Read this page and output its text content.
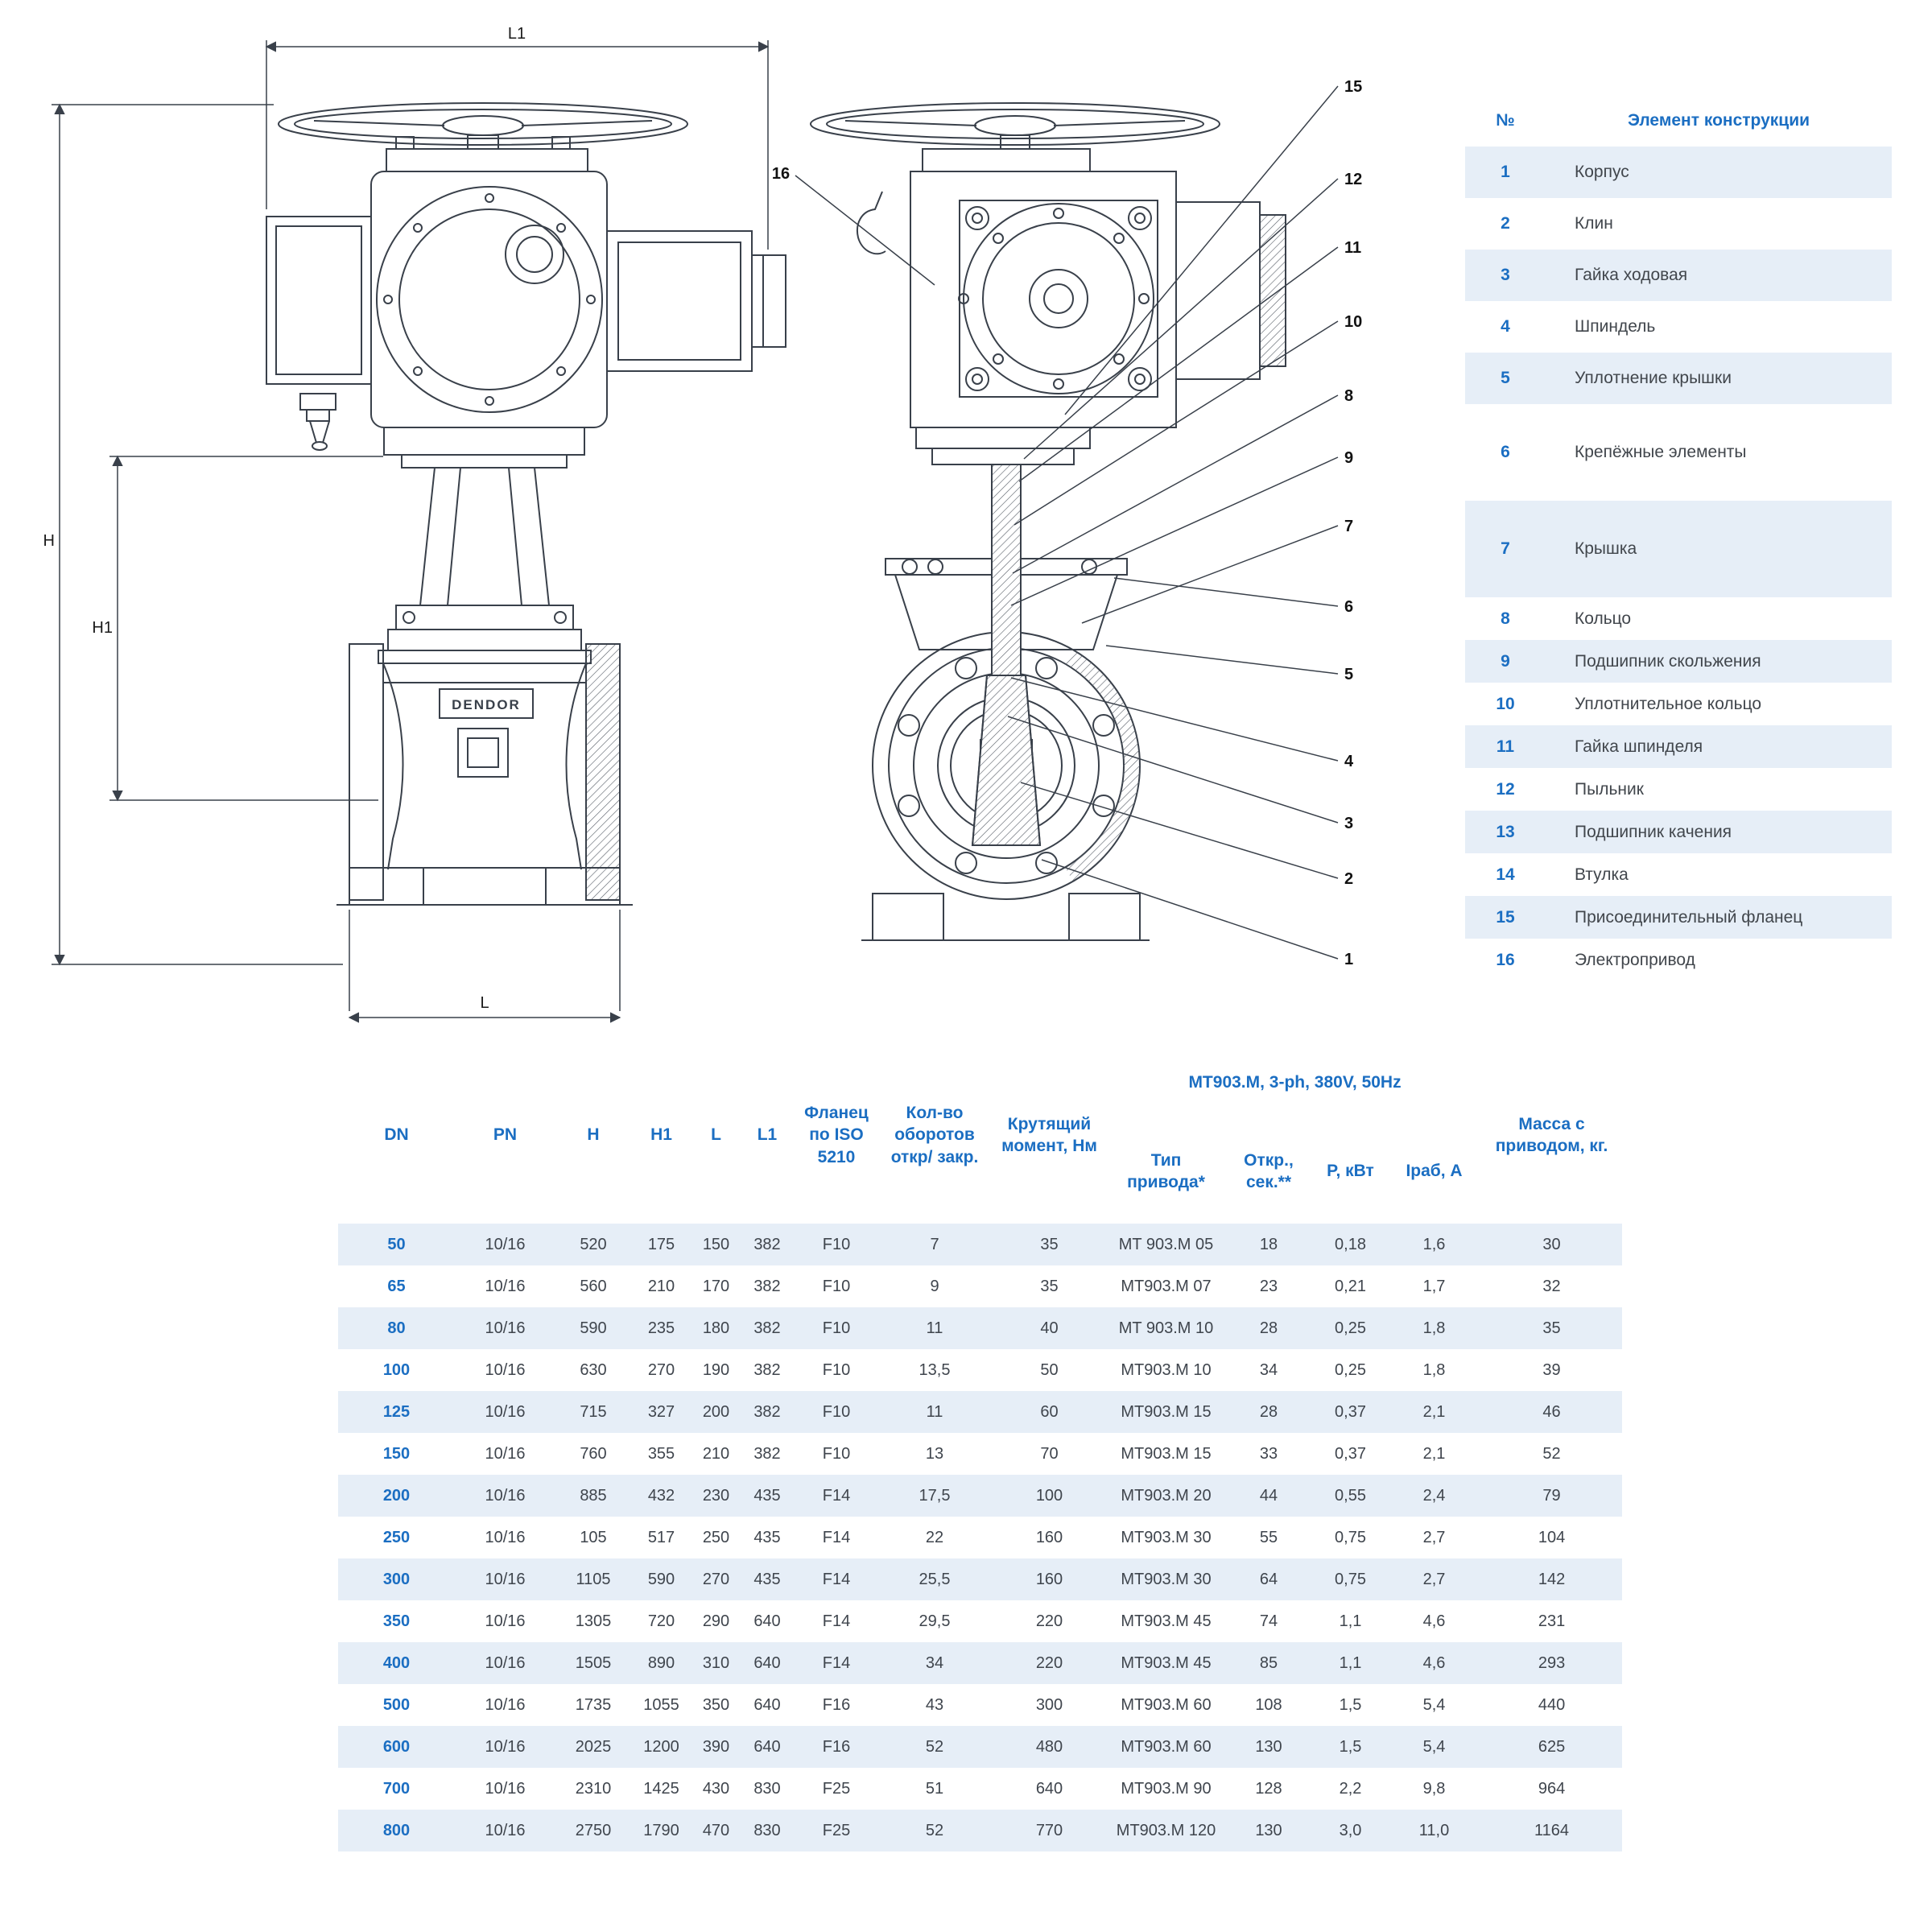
DENDOR
L1
H
H1
L
15
12
11
10
8
9
7
6
5
4
3
2
1
16
№	Элемент конструкции
1	Корпус
2	Клин
3	Гайка ходовая
4	Шпиндель
5	Уплотнение крышки
6	Крепёжные элементы
7	Крышка
8	Кольцо
9	Подшипник скольжения
10	Уплотнительное кольцо
11	Гайка шпинделя
12	Пыльник
13	Подшипник качения
14	Втулка
15	Присоединительный фланец
16	Электропривод
DN	PN	H	H1	L	L1	Фланец по ISO 5210	Кол-во оборотов откр/ закр.	Крутящий момент, Нм	MT903.M, 3-ph, 380V, 50Hz				Масса с приводом, кг.
									Тип привода*	Откр., сек.**	P, кВт	Iраб, А	
50	10/16	520	175	150	382	F10	7	35	MT 903.M 05	18	0,18	1,6	30
65	10/16	560	210	170	382	F10	9	35	MT903.M 07	23	0,21	1,7	32
80	10/16	590	235	180	382	F10	11	40	MT 903.M 10	28	0,25	1,8	35
100	10/16	630	270	190	382	F10	13,5	50	MT903.M 10	34	0,25	1,8	39
125	10/16	715	327	200	382	F10	11	60	MT903.M 15	28	0,37	2,1	46
150	10/16	760	355	210	382	F10	13	70	MT903.M 15	33	0,37	2,1	52
200	10/16	885	432	230	435	F14	17,5	100	MT903.M 20	44	0,55	2,4	79
250	10/16	105	517	250	435	F14	22	160	MT903.M 30	55	0,75	2,7	104
300	10/16	1105	590	270	435	F14	25,5	160	MT903.M 30	64	0,75	2,7	142
350	10/16	1305	720	290	640	F14	29,5	220	MT903.M 45	74	1,1	4,6	231
400	10/16	1505	890	310	640	F14	34	220	MT903.M 45	85	1,1	4,6	293
500	10/16	1735	1055	350	640	F16	43	300	MT903.M 60	108	1,5	5,4	440
600	10/16	2025	1200	390	640	F16	52	480	MT903.M 60	130	1,5	5,4	625
700	10/16	2310	1425	430	830	F25	51	640	MT903.M 90	128	2,2	9,8	964
800	10/16	2750	1790	470	830	F25	52	770	MT903.M 120	130	3,0	11,0	1164
